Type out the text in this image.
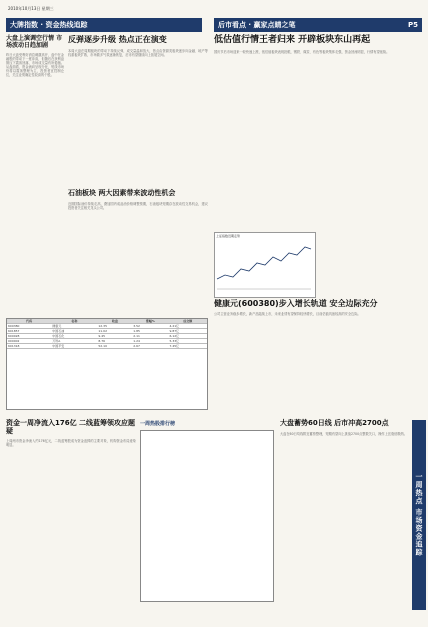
2010年10月13日 星期三
大牌指数 · 资金热线追踪	后市看点 · 赢家点睛之笔	P5
大盘上演调空行情 市场波动日趋加剧
昨日大盘受利好消息刺激高开，盘中在金融股的带动下一度冲高，但随后在获利盘抛压下震荡回落，市场成交量有所萎缩。从盘面看，资金流向呈现分化，短线市场仍将以震荡整理为主，投资者宜控制仓位，关注业绩确定性较高的个股。
反弹逐步升级 热点正在演变
本周大盘在周期板块的带动下持续反弹，成交量温和放大，热点由资源类板块逐步向金融、地产等权重板块扩散，市场做多气氛逐渐恢复，后市有望继续向上拓展空间。
石油板块 两大因素带来波动性机会
近期国际油价持续走高，叠加国内成品油价格调整预期，石油板块短期存在波动性交易机会，建议投资者关注相关龙头公司。
低估值行情王者归来 开辟板块东山再起
国庆节后市场迎来一轮快速上涨，低估值板块表现抢眼，钢铁、煤炭、有色等板块集体走强，资金回流明显，行情有望延续。
上证指数近期走势
健康元(600380)步入增长轨道 安全边际充分
公司主营业务稳步增长，新产品陆续上市，未来业绩有望保持较快增长，目前估值具备较高的安全边际。
代码	名称	收盘	涨幅%	成交额
600380	健康元	12.35	3.52	4.21亿
601857	中国石油	11.02	1.85	9.87亿
600028	中国石化	9.45	2.11	6.12亿
000002	万科A	8.76	1.24	5.33亿
601318	中国平安	52.10	2.67	7.45亿
资金一周净流入176亿 二线蓝筹领攻应题疑
上周两市资金净流入约176亿元，二线蓝筹股成为资金追捧的主要对象，机构资金布局迹象明显。
一周热股排行榜	大盘蓄势60日线 后市冲高2700点
大盘在60日均线附近蓄势整理，短期有望向上挑战2700点整数关口，操作上宜逢低吸纳。
一周热点 市场资金追踪
